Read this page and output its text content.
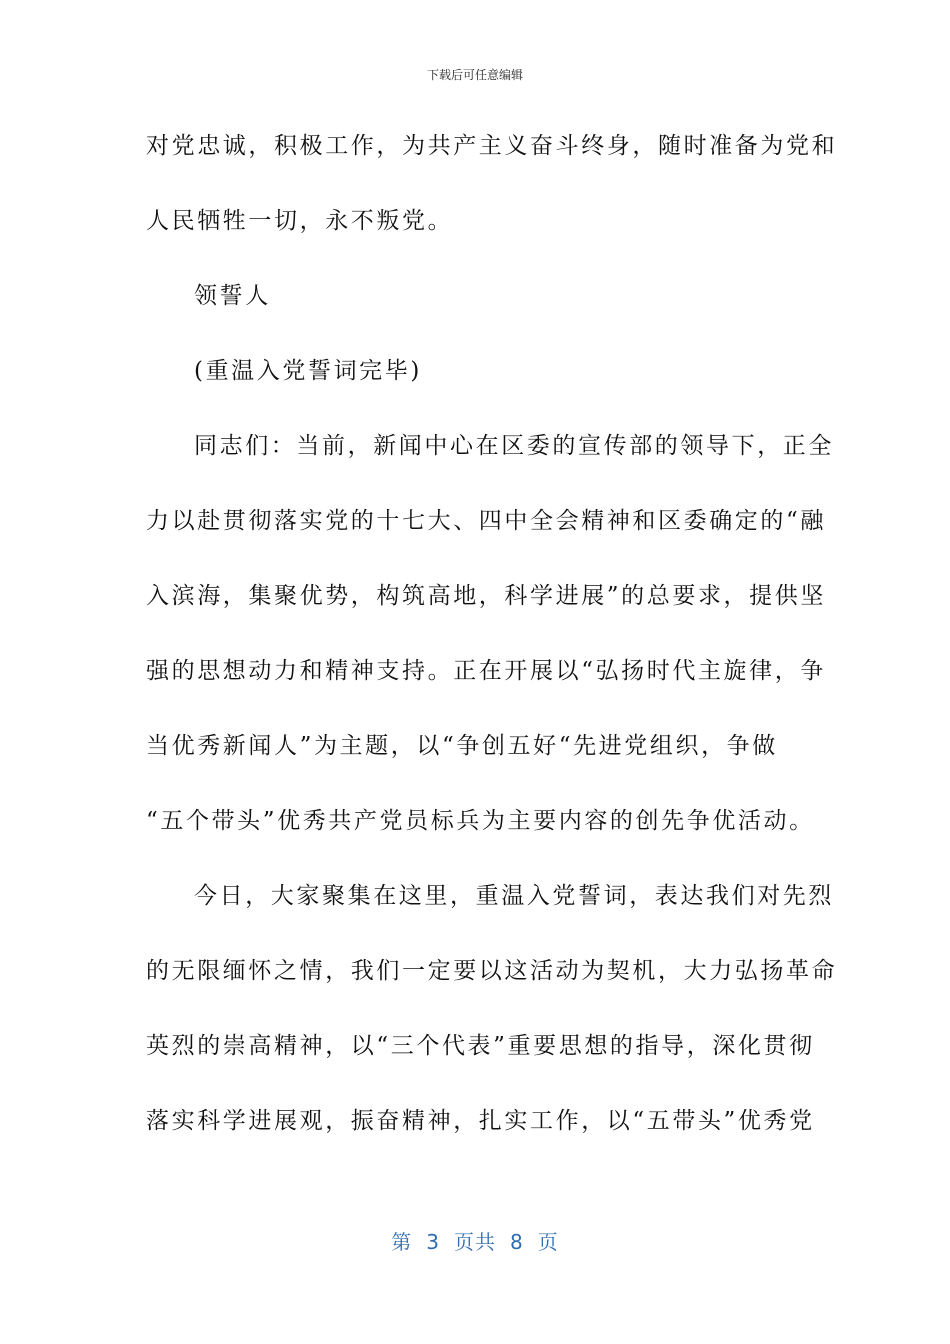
下载后可任意编辑
对党忠诚，积极工作，为共产主义奋斗终身，随时准备为党和
人民牺牲一切，永不叛党。
领誓人
(重温入党誓词完毕)
同志们：当前，新闻中心在区委的宣传部的领导下，正全
力以赴贯彻落实党的十七大、四中全会精神和区委确定的“融
入滨海，集聚优势，构筑高地，科学进展”的总要求，提供坚
强的思想动力和精神支持。正在开展以“弘扬时代主旋律，争
当优秀新闻人”为主题，以“争创五好“先进党组织，争做
“五个带头”优秀共产党员标兵为主要内容的创先争优活动。
今日，大家聚集在这里，重温入党誓词，表达我们对先烈
的无限缅怀之情，我们一定要以这活动为契机，大力弘扬革命
英烈的崇高精神，以“三个代表”重要思想的指导，深化贯彻
落实科学进展观，振奋精神，扎实工作，以“五带头”优秀党
第 3 页共 8 页
